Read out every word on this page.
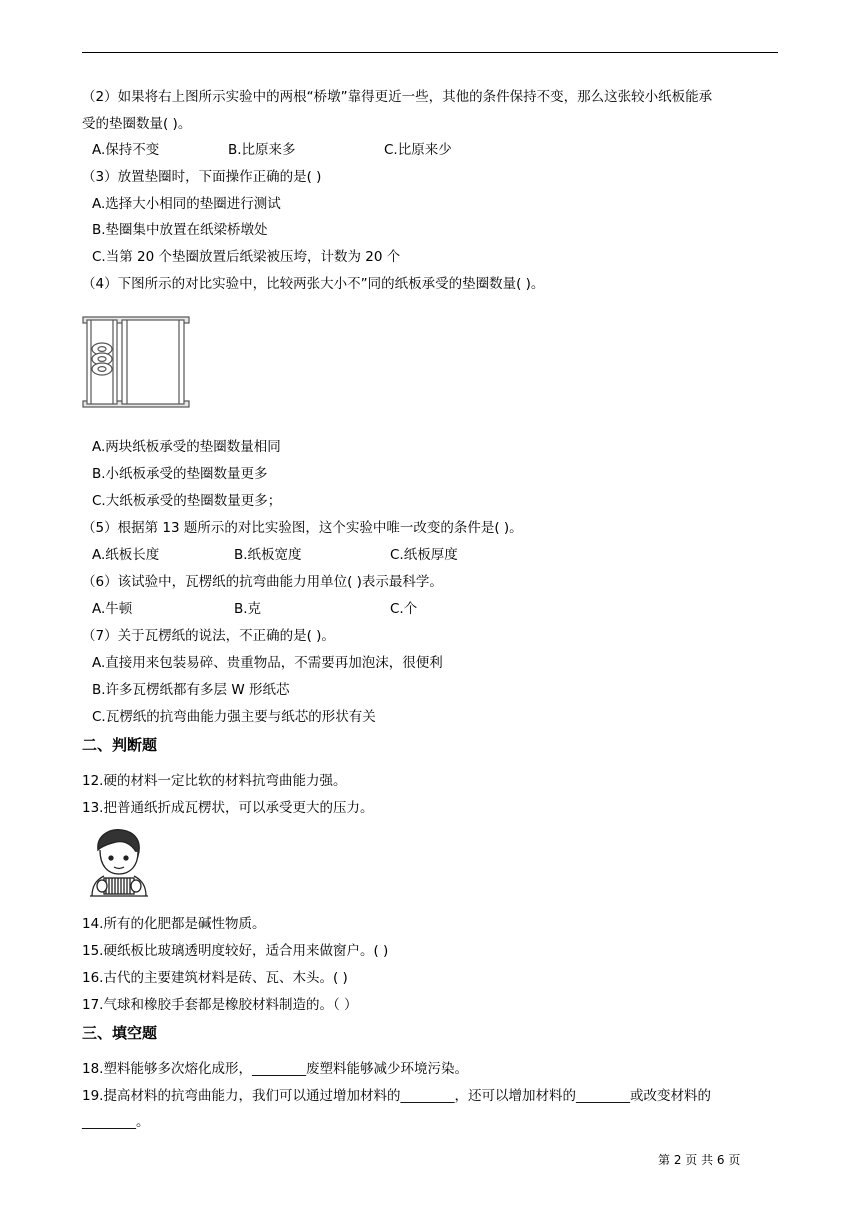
（2）如果将右上图所示实验中的两根“桥墩”靠得更近一些，其他的条件保持不变，那么这张较小纸板能承
受的垫圈数量( )。
A.保持不变	B.比原来多	C.比原来少
（3）放置垫圈时，下面操作正确的是( )
A.选择大小相同的垫圈进行测试
B.垫圈集中放置在纸梁桥墩处
C.当第 20 个垫圈放置后纸梁被压垮，计数为 20 个
（4）下图所示的对比实验中，比较两张大小不”同的纸板承受的垫圈数量( )。
A.两块纸板承受的垫圈数量相同
B.小纸板承受的垫圈数量更多
C.大纸板承受的垫圈数量更多；
（5）根据第 13 题所示的对比实验图，这个实验中唯一改变的条件是( )。
A.纸板长度	B.纸板宽度	C.纸板厚度
（6）该试验中，瓦楞纸的抗弯曲能力用单位( )表示最科学。
A.牛顿	B.克	C.个
（7）关于瓦楞纸的说法，不正确的是( )。
A.直接用来包装易碎、贵重物品，不需要再加泡沫，很便利
B.许多瓦楞纸都有多层 W 形纸芯
C.瓦楞纸的抗弯曲能力强主要与纸芯的形状有关
二、判断题
12.硬的材料一定比软的材料抗弯曲能力强。
13.把普通纸折成瓦楞状，可以承受更大的压力。
14.所有的化肥都是碱性物质。
15.硬纸板比玻璃透明度较好，适合用来做窗户。( )
16.古代的主要建筑材料是砖、瓦、木头。( )
17.气球和橡胶手套都是橡胶材料制造的。（ ）
三、填空题
18.塑料能够多次熔化成形，________废塑料能够减少环境污染。
19.提高材料的抗弯曲能力，我们可以通过增加材料的________，还可以增加材料的________或改变材料的
________。
第 2 页 共 6 页
